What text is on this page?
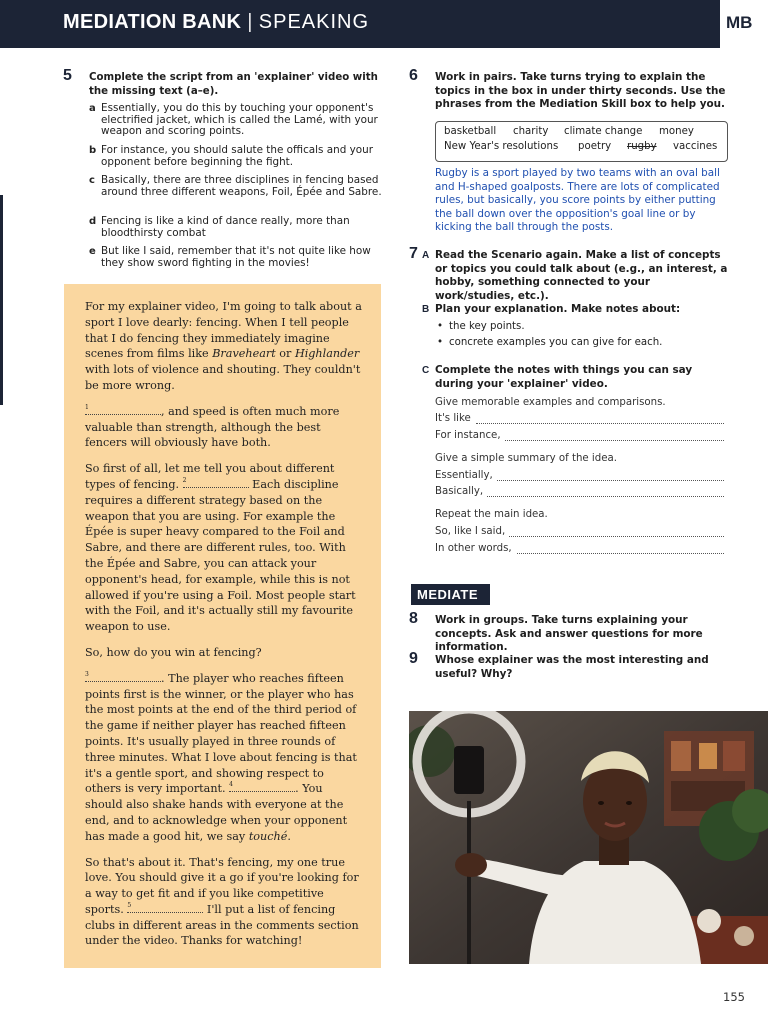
MEDIATION BANK | SPEAKING	MB
5 Complete the script from an 'explainer' video with the missing text (a–e).
a Essentially, you do this by touching your opponent's electrified jacket, which is called the Lamé, with your weapon and scoring points.
b For instance, you should salute the officals and your opponent before beginning the fight.
c Basically, there are three disciplines in fencing based around three different weapons, Foil, Épée and Sabre.
d Fencing is like a kind of dance really, more than bloodthirsty combat
e But like I said, remember that it's not quite like how they show sword fighting in the movies!

For my explainer video, I'm going to talk about a sport I love dearly: fencing. When I tell people that I do fencing they immediately imagine scenes from films like Braveheart or Highlander with lots of violence and shouting. They couldn't be more wrong.

1	, and speed is often much more valuable than strength, although the best fencers will obviously have both.

So first of all, let me tell you about different types of fencing. 2	Each discipline requires a different strategy based on the weapon that you are using. For example the Épée is super heavy compared to the Foil and Sabre, and there are different rules, too. With the Épée and Sabre, you can attack your opponent's head, for example, while this is not allowed if you're using a Foil. Most people start with the Foil, and it's actually still my favourite weapon to use.

So, how do you win at fencing?

3	. The player who reaches fifteen points first is the winner, or the player who has the most points at the end of the third period of the game if neither player has reached fifteen points. It's usually played in three rounds of three minutes. What I love about fencing is that it's a gentle sport, and showing respect to others is very important. 4	. You should also shake hands with everyone at the end, and to acknowledge when your opponent has made a good hit, we say touché.

So that's about it. That's fencing, my one true love. You should give it a go if you're looking for a way to get fit and if you like competitive sports. 5	I'll put a list of fencing clubs in different areas in the comments section under the video. Thanks for watching!

6 Work in pairs. Take turns trying to explain the topics in the box in under thirty seconds. Use the phrases from the Mediation Skill box to help you.
basketball charity climate change money
New Year's resolutions poetry rugby vaccines
Rugby is a sport played by two teams with an oval ball and H-shaped goalposts. There are lots of complicated rules, but basically, you score points by either putting the ball down over the opposition's goal line or by kicking the ball through the posts.
7 A Read the Scenario again. Make a list of concepts or topics you could talk about (e.g., an interest, a hobby, something connected to your work/studies, etc.).
B Plan your explanation. Make notes about:
• the key points.
• concrete examples you can give for each.
C Complete the notes with things you can say during your 'explainer' video.
Give memorable examples and comparisons.
It's like
For instance,
Give a simple summary of the idea.
Essentially,
Basically,
Repeat the main idea.
So, like I said,
In other words,
MEDIATE
8 Work in groups. Take turns explaining your concepts. Ask and answer questions for more information.
9 Whose explainer was the most interesting and useful? Why?
155
